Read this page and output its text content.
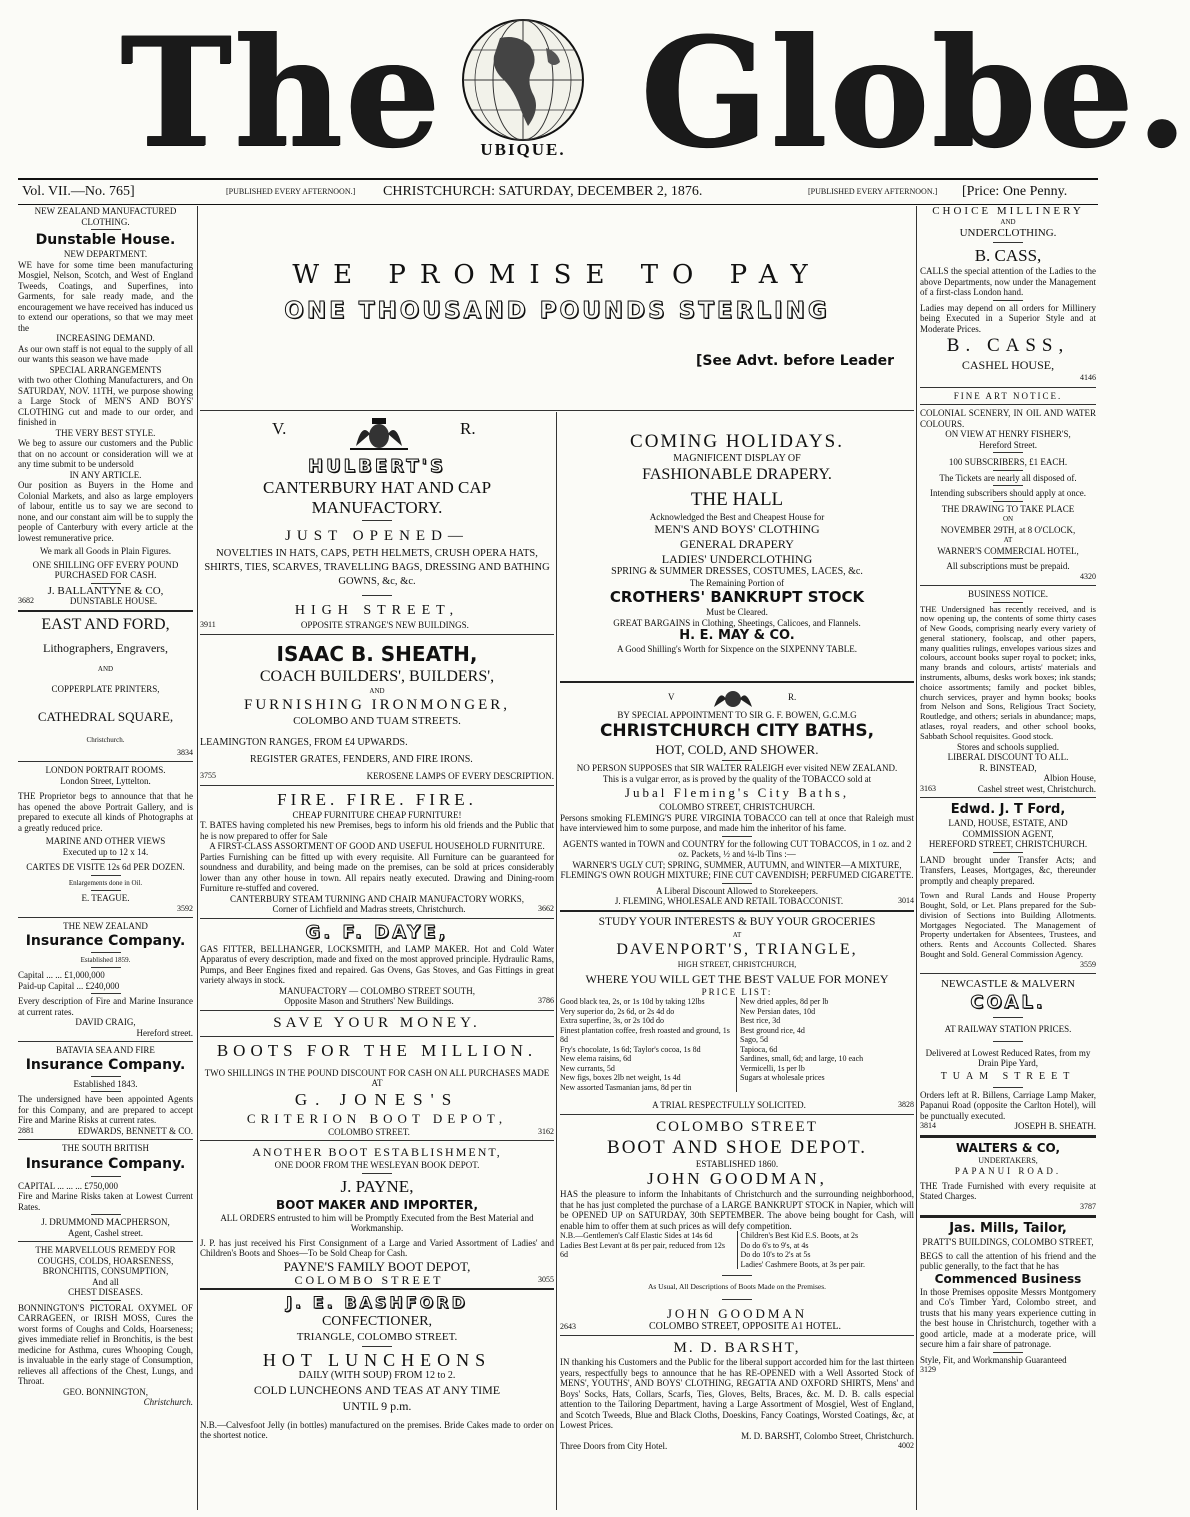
The	UBIQUE. Globe.
Vol. VII.—No. 765]	[PUBLISHED EVERY AFTERNOON.] CHRISTCHURCH: SATURDAY, DECEMBER 2, 1876.	[PUBLISHED EVERY AFTERNOON.] [Price: One Penny.

NEW ZEALAND MANUFACTURED

CLOTHING.

Dunstable House.

NEW DEPARTMENT.

WE have for some time been manufacturing Mosgiel, Nelson, Scotch, and West of England Tweeds, Coatings, and Superfines, into Garments, for sale ready made, and the encouragement we have received has induced us to extend our operations, so that we may meet the

INCREASING DEMAND.

As our own staff is not equal to the supply of all our wants this season we have made

SPECIAL ARRANGEMENTS

with two other Clothing Manufacturers, and On SATURDAY, NOV. 11TH, we purpose showing a Large Stock of MEN'S AND BOYS' CLOTHING cut and made to our order, and finished in

THE VERY BEST STYLE.

We beg to assure our customers and the Public that on no account or consideration will we at any time submit to be undersold

IN ANY ARTICLE.

Our position as Buyers in the Home and Colonial Markets, and also as large employers of labour, entitle us to say we are second to none, and our constant aim will be to supply the people of Canterbury with every article at the lowest remunerative price.

We mark all Goods in Plain Figures.

ONE SHILLING OFF EVERY POUND PURCHASED FOR CASH.

J. BALLANTYNE & CO,

3682	DUNSTABLE HOUSE.

EAST AND FORD,

Lithographers, Engravers,

AND

COPPERPLATE PRINTERS,

CATHEDRAL SQUARE,

Christchurch.

3834

LONDON PORTRAIT ROOMS.

London Street, Lyttelton.

THE Proprietor begs to announce that that he has opened the above Portrait Gallery, and is prepared to execute all kinds of Photographs at a greatly reduced price.

MARINE AND OTHER VIEWS

Executed up to 12 x 14.

CARTES DE VISITE 12s 6d PER DOZEN.

Enlargements done in Oil.

E. TEAGUE.

3592

THE NEW ZEALAND

Insurance Company.

Established 1859.

Capital ... ... £1,000,000

Paid-up Capital ... £240,000

Every description of Fire and Marine Insurance at current rates.

DAVID CRAIG,

Hereford street.

BATAVIA SEA AND FIRE

Insurance Company.

Established 1843.

The undersigned have been appointed Agents for this Company, and are prepared to accept Fire and Marine Risks at current rates.

2881	EDWARDS, BENNETT & CO.

THE SOUTH BRITISH

Insurance Company.

CAPITAL ... ... ... £750,000

Fire and Marine Risks taken at Lowest Current Rates.

J. DRUMMOND MACPHERSON,

Agent, Cashel street.

THE MARVELLOUS REMEDY FOR

COUGHS, COLDS, HOARSENESS,

BRONCHITIS, CONSUMPTION,

And all

CHEST DISEASES.

BONNINGTON'S PICTORAL OXYMEL OF CARRAGEEN, or IRISH MOSS, Cures the worst forms of Coughs and Colds, Hoarseness; gives immediate relief in Bronchitis, is the best medicine for Asthma, cures Whooping Cough, is invaluable in the early stage of Consumption, relieves all affections of the Chest, Lungs, and Throat.

GEO. BONNINGTON,

Christchurch.

WE PROMISE TO PAY

ONE THOUSAND POUNDS STERLING

[See Advt. before Leader

V.	R.

HULBERT'S

CANTERBURY HAT AND CAP

MANUFACTORY.

JUST OPENED—

NOVELTIES IN HATS, CAPS, PETH HELMETS, CRUSH OPERA HATS, SHIRTS, TIES, SCARVES, TRAVELLING BAGS, DRESSING AND BATHING GOWNS, &c, &c.

HIGH STREET,

3911	OPPOSITE STRANGE'S NEW BUILDINGS.

ISAAC B. SHEATH,

COACH BUILDERS', BUILDERS',

AND

FURNISHING IRONMONGER,

COLOMBO AND TUAM STREETS.

LEAMINGTON RANGES, FROM £4 UPWARDS.

REGISTER GRATES, FENDERS, AND FIRE IRONS.

3755	KEROSENE LAMPS OF EVERY DESCRIPTION.

FIRE. FIRE. FIRE.

CHEAP FURNITURE CHEAP FURNITURE!

T. BATES having completed his new Premises, begs to inform his old friends and the Public that he is now prepared to offer for Sale

A FIRST-CLASS ASSORTMENT OF GOOD AND USEFUL HOUSEHOLD FURNITURE.

Parties Furnishing can be fitted up with every requisite. All Furniture can be guaranteed for soundness and durability, and being made on the premises, can be sold at prices considerably lower than any other house in town. All repairs neatly executed. Drawing and Dining-room Furniture re-stuffed and covered.

CANTERBURY STEAM TURNING AND CHAIR MANUFACTORY WORKS,

Corner of Lichfield and Madras streets, Christchurch.	3662

G. F. DAYE,

GAS FITTER, BELLHANGER, LOCKSMITH, and LAMP MAKER. Hot and Cold Water Apparatus of every description, made and fixed on the most approved principle. Hydraulic Rams, Pumps, and Beer Engines fixed and repaired. Gas Ovens, Gas Stoves, and Gas Fittings in great variety always in stock.

MANUFACTORY — COLOMBO STREET SOUTH,

Opposite Mason and Struthers' New Buildings.	3786

SAVE YOUR MONEY.

BOOTS FOR THE MILLION.

TWO SHILLINGS IN THE POUND DISCOUNT FOR CASH ON ALL PURCHASES MADE AT

G. JONES'S

CRITERION BOOT DEPOT,

COLOMBO STREET.	3162

ANOTHER BOOT ESTABLISHMENT,

ONE DOOR FROM THE WESLEYAN BOOK DEPOT.

J. PAYNE,

BOOT MAKER AND IMPORTER,

ALL ORDERS entrusted to him will be Promptly Executed from the Best Material and Workmanship.

J. P. has just received his First Consignment of a Large and Varied Assortment of Ladies' and Children's Boots and Shoes—To be Sold Cheap for Cash.

PAYNE'S FAMILY BOOT DEPOT,

COLOMBO STREET	3055

J. E. BASHFORD

CONFECTIONER,

TRIANGLE, COLOMBO STREET.

HOT LUNCHEONS

DAILY (WITH SOUP) FROM 12 to 2.

COLD LUNCHEONS AND TEAS AT ANY TIME

UNTIL 9 p.m.

N.B.—Calvesfoot Jelly (in bottles) manufactured on the premises. Bride Cakes made to order on the shortest notice.

COMING HOLIDAYS.

MAGNIFICENT DISPLAY OF

FASHIONABLE DRAPERY.

THE HALL

Acknowledged the Best and Cheapest House for

MEN'S AND BOYS' CLOTHING

GENERAL DRAPERY

LADIES' UNDERCLOTHING

SPRING & SUMMER DRESSES, COSTUMES, LACES, &c.

The Remaining Portion of

CROTHERS' BANKRUPT STOCK

Must be Cleared.

GREAT BARGAINS in Clothing, Sheetings, Calicoes, and Flannels.

H. E. MAY & CO.

A Good Shilling's Worth for Sixpence on the SIXPENNY TABLE.

V	R.

BY SPECIAL APPOINTMENT TO SIR G. F. BOWEN, G.C.M.G

CHRISTCHURCH CITY BATHS,

HOT, COLD, AND SHOWER.

NO PERSON SUPPOSES that SIR WALTER RALEIGH ever visited NEW ZEALAND.

This is a vulgar error, as is proved by the quality of the TOBACCO sold at

Jubal Fleming's City Baths,

COLOMBO STREET, CHRISTCHURCH.

Persons smoking FLEMING'S PURE VIRGINIA TOBACCO can tell at once that Raleigh must have interviewed him to some purpose, and made him the inheritor of his fame.

AGENTS wanted in TOWN and COUNTRY for the following CUT TOBACCOS, in 1 oz. and 2 oz. Packets, ½ and ¼-lb Tins :—

WARNER'S UGLY CUT; SPRING, SUMMER, AUTUMN, and WINTER—A MIXTURE, FLEMING'S OWN ROUGH MIXTURE; FINE CUT CAVENDISH; PERFUMED CIGARETTE.

A Liberal Discount Allowed to Storekeepers.

J. FLEMING, WHOLESALE AND RETAIL TOBACCONIST.	3014

STUDY YOUR INTERESTS & BUY YOUR GROCERIES

AT

DAVENPORT'S, TRIANGLE,

HIGH STREET, CHRISTCHURCH,

WHERE YOU WILL GET THE BEST VALUE FOR MONEY

PRICE LIST:

Good black tea, 2s, or 1s 10d by taking 12lbs

Very superior do, 2s 6d, or 2s 4d do

Extra superfine, 3s, or 2s 10d do

Finest plantation coffee, fresh roasted and ground, 1s 8d

Fry's chocolate, 1s 6d; Taylor's cocoa, 1s 8d

New elema raisins, 6d

New currants, 5d

New figs, boxes 2lb net weight, 1s 4d

New assorted Tasmanian jams, 8d per tin

New dried apples, 8d per lb

New Persian dates, 10d

Best rice, 3d

Best ground rice, 4d

Sago, 5d

Tapioca, 6d

Sardines, small, 6d; and large, 10 each

Vermicelli, 1s per lb

Sugars at wholesale prices

A TRIAL RESPECTFULLY SOLICITED.	3828

COLOMBO STREET

BOOT AND SHOE DEPOT.

ESTABLISHED 1860.

JOHN GOODMAN,

HAS the pleasure to inform the Inhabitants of Christchurch and the surrounding neighborhood, that he has just completed the purchase of a LARGE BANKRUPT STOCK in Napier, which will be OPENED UP on SATURDAY, 30th SEPTEMBER. The above being bought for Cash, will enable him to offer them at such prices as will defy competition.

N.B.—Gentlemen's Calf Elastic Sides at 14s 6d

Ladies Best Levant at 8s per pair, reduced from 12s 6d

Children's Best Kid E.S. Boots, at 2s

Do do 6's to 9's, at 4s

Do do 10's to 2's at 5s

Ladies' Cashmere Boots, at 3s per pair.

As Usual, All Descriptions of Boots Made on the Premises.

JOHN GOODMAN

2643	COLOMBO STREET, OPPOSITE A1 HOTEL.

M. D. BARSHT,

IN thanking his Customers and the Public for the liberal support accorded him for the last thirteen years, respectfully begs to announce that he has RE-OPENED with a Well Assorted Stock of MENS', YOUTHS', AND BOYS' CLOTHING, REGATTA AND OXFORD SHIRTS, Mens' and Boys' Socks, Hats, Collars, Scarfs, Ties, Gloves, Belts, Braces, &c. M. D. B. calls especial attention to the Tailoring Department, having a Large Assortment of Mosgiel, West of England, and Scotch Tweeds, Blue and Black Cloths, Doeskins, Fancy Coatings, Worsted Coatings, &c, at Lowest Prices.

M. D. BARSHT, Colombo Street, Christchurch.

Three Doors from City Hotel.	4002

CHOICE MILLINERY

AND

UNDERCLOTHING.

B. CASS,

CALLS the special attention of the Ladies to the above Departments, now under the Management of a first-class London hand.

Ladies may depend on all orders for Millinery being Executed in a Superior Style and at Moderate Prices.

B. CASS,

CASHEL HOUSE,

4146

FINE ART NOTICE.

COLONIAL SCENERY, IN OIL AND WATER COLOURS.

ON VIEW AT HENRY FISHER'S,

Hereford Street.

100 SUBSCRIBERS, £1 EACH.

The Tickets are nearly all disposed of.

Intending subscribers should apply at once.

THE DRAWING TO TAKE PLACE

ON

NOVEMBER 29TH, at 8 O'CLOCK,

AT

WARNER'S COMMERCIAL HOTEL,

All subscriptions must be prepaid.

4320

BUSINESS NOTICE.

THE Undersigned has recently received, and is now opening up, the contents of some thirty cases of New Goods, comprising nearly every variety of general stationery, foolscap, and other papers, many qualities rulings, envelopes various sizes and colours, account books super royal to pocket; inks, many brands and colours, artists' materials and instruments, albums, desks work boxes; ink stands; choice assortments; family and pocket bibles, church services, prayer and hymn books; books from Nelson and Sons, Religious Tract Society, Routledge, and others; serials in abundance; maps, atlases, royal readers, and other school books, Sabbath School requisites. Good stock.

Stores and schools supplied.

LIBERAL DISCOUNT TO ALL.

R. BINSTEAD,

Albion House,

3163	Cashel street west, Christchurch.

Edwd. J. T Ford,

LAND, HOUSE, ESTATE, AND

COMMISSION AGENT,

HEREFORD STREET, CHRISTCHURCH.

LAND brought under Transfer Acts; and Transfers, Leases, Mortgages, &c, thereunder promptly and cheaply prepared.

Town and Rural Lands and House Property Bought, Sold, or Let. Plans prepared for the Sub-division of Sections into Building Allotments. Mortgages Negociated. The Management of Property undertaken for Absentees, Trustees, and others. Rents and Accounts Collected. Shares Bought and Sold. General Commission Agency.

3559

NEWCASTLE & MALVERN

COAL.

AT RAILWAY STATION PRICES.

Delivered at Lowest Reduced Rates, from my Drain Pipe Yard,

TUAM STREET

Orders left at R. Billens, Carriage Lamp Maker, Papanui Road (opposite the Carlton Hotel), will be punctually executed.

3814	JOSEPH B. SHEATH.

WALTERS & CO,

UNDERTAKERS,

PAPANUI ROAD.

THE Trade Furnished with every requisite at Stated Charges.

3787

Jas. Mills, Tailor,

PRATT'S BUILDINGS, COLOMBO STREET,

BEGS to call the attention of his friend and the public generally, to the fact that he has

Commenced Business

In those Premises opposite Messrs Montgomery and Co's Timber Yard, Colombo street, and trusts that his many years experience cutting in the best house in Christchurch, together with a good article, made at a moderate price, will secure him a fair share of patronage.

Style, Fit, and Workmanship Guaranteed

3129
